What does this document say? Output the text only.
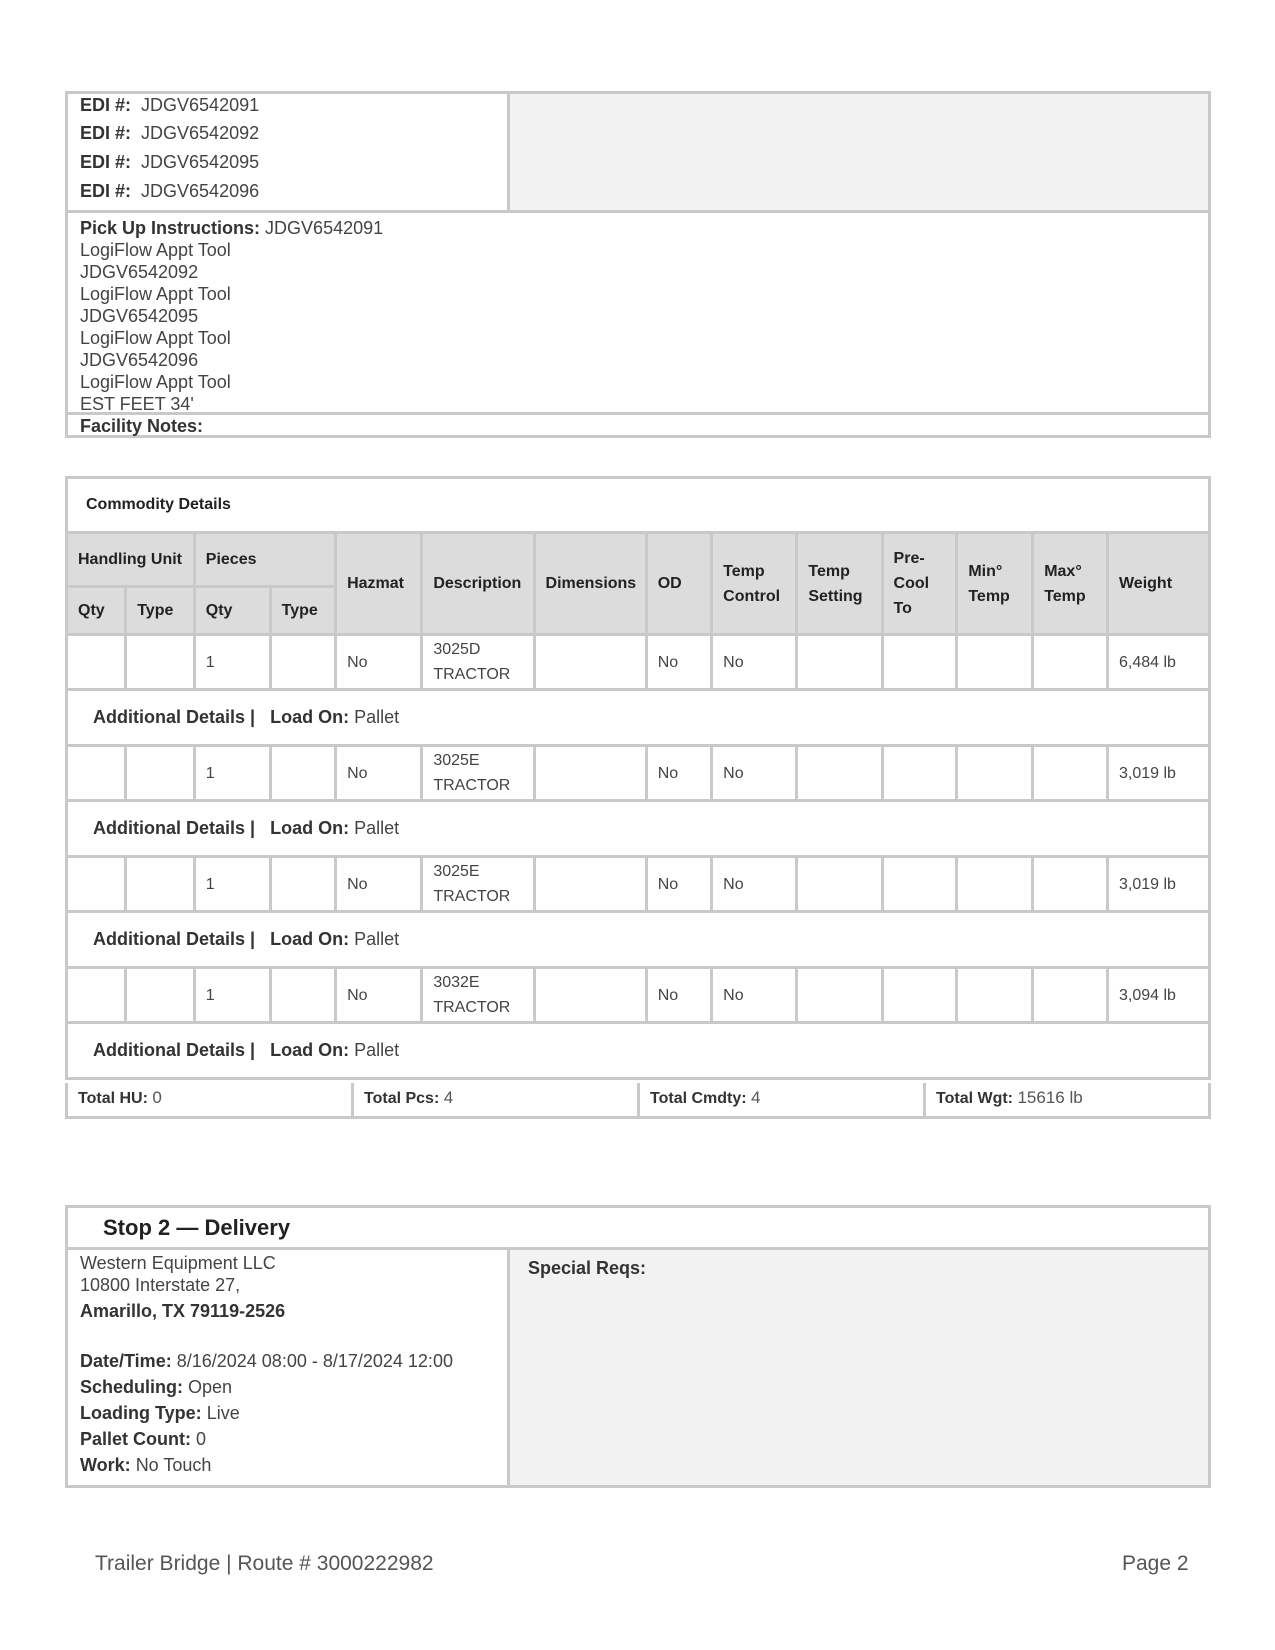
EDI #: JDGV6542091
EDI #: JDGV6542092
EDI #: JDGV6542095
EDI #: JDGV6542096
Pick Up Instructions: JDGV6542091
LogiFlow Appt Tool
JDGV6542092
LogiFlow Appt Tool
JDGV6542095
LogiFlow Appt Tool
JDGV6542096
LogiFlow Appt Tool
EST FEET 34'
Facility Notes:
Commodity Details													
Handling Unit		Pieces		Hazmat	Description	Dimensions	OD	Temp Control	Temp Setting	Pre-Cool To	Min° Temp	Max° Temp	Weight
Qty	Type	Qty	Type										
		1		No	3025D TRACTOR		No	No					6,484 lb
Additional Details | Load On: Pallet													
		1		No	3025E TRACTOR		No	No					3,019 lb
Additional Details | Load On: Pallet													
		1		No	3025E TRACTOR		No	No					3,019 lb
Additional Details | Load On: Pallet													
		1		No	3032E TRACTOR		No	No					3,094 lb
Additional Details | Load On: Pallet													
Total HU: 0	Total Pcs: 4	Total Cmdty: 4	Total Wgt: 15616 lb
Stop 2 — Delivery
Western Equipment LLC
10800 Interstate 27,
Amarillo, TX 79119-2526
Date/Time: 8/16/2024 08:00 - 8/17/2024 12:00
Scheduling: Open
Loading Type: Live
Pallet Count: 0
Work: No Touch
Special Reqs:
Trailer Bridge | Route # 3000222982	Page 2
